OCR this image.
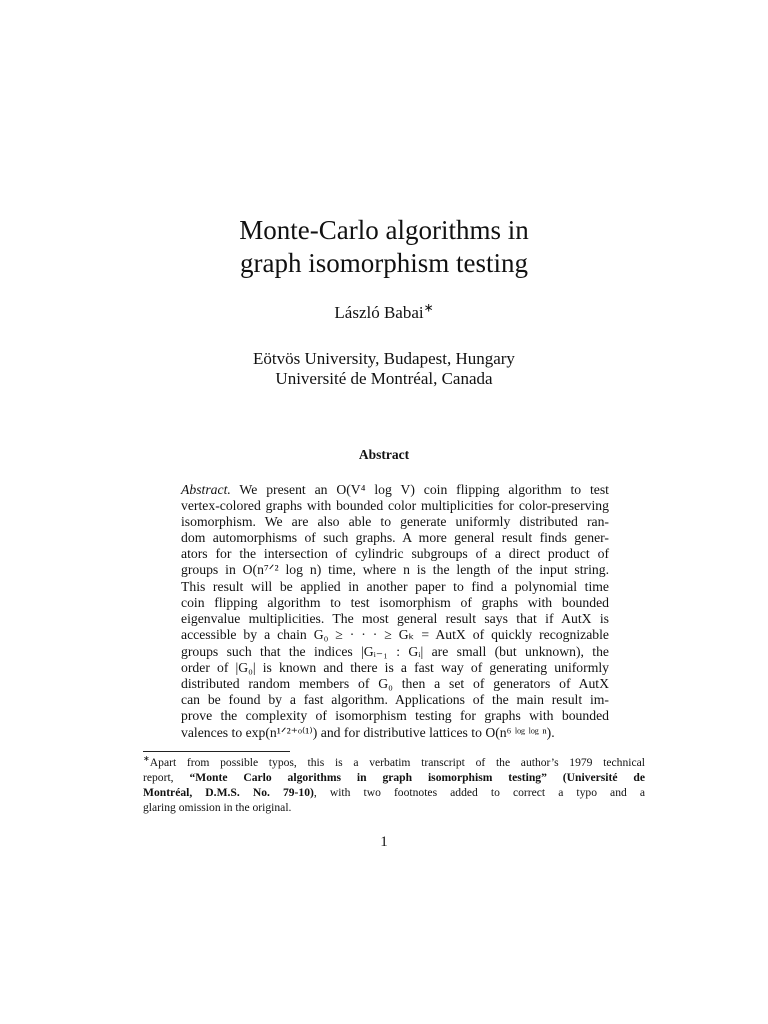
Monte-Carlo algorithms in
graph isomorphism testing
László Babai∗
Eötvös University, Budapest, Hungary
Université de Montréal, Canada
Abstract
Abstract. We present an O(V⁴ log V) coin flipping algorithm to test
vertex-colored graphs with bounded color multiplicities for color-preserving
isomorphism. We are also able to generate uniformly distributed ran-
dom automorphisms of such graphs. A more general result finds gener-
ators for the intersection of cylindric subgroups of a direct product of
groups in O(n⁷ᐟ² log n) time, where n is the length of the input string.
This result will be applied in another paper to find a polynomial time
coin flipping algorithm to test isomorphism of graphs with bounded
eigenvalue multiplicities. The most general result says that if AutX is
accessible by a chain G₀ ≥ · · · ≥ Gₖ = AutX of quickly recognizable
groups such that the indices |Gᵢ₋₁ : Gᵢ| are small (but unknown), the
order of |G₀| is known and there is a fast way of generating uniformly
distributed random members of G₀ then a set of generators of AutX
can be found by a fast algorithm. Applications of the main result im-
prove the complexity of isomorphism testing for graphs with bounded
valences to exp(n¹ᐟ²⁺ᵒ⁽¹⁾) and for distributive lattices to O(n⁶ ˡᵒᵍ ˡᵒᵍ ⁿ).
∗Apart from possible typos, this is a verbatim transcript of the author’s 1979 technical
report, “Monte Carlo algorithms in graph isomorphism testing” (Université de
Montréal, D.M.S. No. 79-10), with two footnotes added to correct a typo and a
glaring omission in the original.
1
